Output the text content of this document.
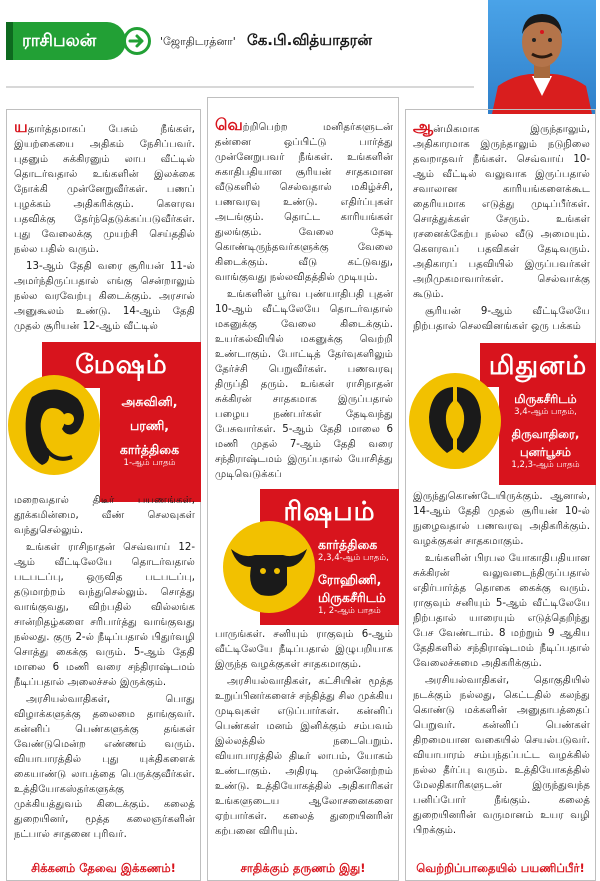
ராசிபலன்	'ஜோதிடரத்னா' கே.பி.வித்யாதரன்

யதார்த்தமாகப் பேசும் நீங்கள், இயற்கையை அதிகம் நேசிப்பவர். புதனும் சுக்கிரனும் லாப வீட்டில் தொடர்வதால் உங்களின் இலக்கை நோக்கி முன்னேறுவீர்கள். பணப் புழக்கம் அதிகரிக்கும். கௌரவ பதவிக்கு தேர்ந்தெடுக்கப்படுவீர்கள். புது வேலைக்கு முயற்சி செய்ததில் நல்ல பதில் வரும்.

13-ஆம் தேதி வரை சூரியன் 11-ல் அமர்ந்திருப்பதால் எங்கு சென்றாலும் நல்ல வரவேற்பு கிடைக்கும். அரசால் அனுகூலம் உண்டு. 14-ஆம் தேதி முதல் சூரியன் 12-ஆம் வீட்டில்

மேஷம்
அசுவினி,
பரணி,
கார்த்திகை
1-ஆம் பாதம்

மறைவதால் திடீர் பயணங்கள், தூக்கமின்மை, வீண் செலவுகள் வந்துசெல்லும்.

உங்கள் ராசிநாதன் செவ்வாய் 12-ஆம் வீட்டிலேயே தொடர்வதால் படபடப்பு, ஒருவித படபடப்பு, தடுமாற்றம் வந்துசெல்லும். சொத்து வாங்குவது, விற்பதில் வில்லங்க சான்றிதழ்களை சரிபார்த்து வாங்குவது நல்லது. குரு 2-ல் நீடிப்பதால் பிதுர்வழி சொத்து கைக்கு வரும். 5-ஆம் தேதி மாலை 6 மணி வரை சந்திராஷ்டமம் நீடிப்பதால் அலைச்சல் இருக்கும்.

அரசியல்வாதிகள், பொது விழாக்களுக்கு தலைமை தாங்குவர். கன்னிப் பெண்களுக்கு தங்கள் வேண்டுமென்ற எண்ணம் வரும். வியாபாரத்தில் புது யுக்திகளைக் கையாண்டு லாபத்தை பெருக்குவீர்கள். உத்தியோகஸ்தர்களுக்கு முக்கியத்துவம் கிடைக்கும். கலைத் துறையினர், மூத்த கலைஞர்களின் நட்பால் சாதனை புரிவர்.

சிக்கனம் தேவை இக்கணம்!

வெற்றிபெற்ற மனிதர்களுடன் தன்னை ஒப்பிட்டு பார்த்து முன்னேறுபவர் நீங்கள். உங்களின் சுகாதிபதியான சூரியன் சாதகமான வீடுகளில் செல்வதால் மகிழ்ச்சி, பணவரவு உண்டு. எதிர்ப்புகள் அடங்கும். தொட்ட காரியங்கள் துலங்கும். வேலை தேடி கொண்டிருந்தவர்களுக்கு வேலை கிடைக்கும். வீடு கட்டுவது, வாங்குவது நல்லவிதத்தில் முடியும்.

உங்களின் பூர்வ புண்யாதிபதி புதன் 10-ஆம் வீட்டிலேயே தொடர்வதால் மகனுக்கு வேலை கிடைக்கும். உயர்கல்வியில் மகனுக்கு வெற்றி உண்டாகும். போட்டித் தேர்வுகளிலும் தேர்ச்சி பெறுவீர்கள். பணவரவு திருப்தி தரும். உங்கள் ராசிநாதன் சுக்கிரன் சாதகமாக இருப்பதால் பழைய நண்பர்கள் தேடிவந்து பேசுவார்கள். 5-ஆம் தேதி மாலை 6 மணி முதல் 7-ஆம் தேதி வரை சந்திராஷ்டமம் இருப்பதால் யோசித்து முடிவெடுக்கப்

ரிஷபம்
கார்த்திகை
2,3,4-ஆம் பாதம்,
ரோஹிணி,
மிருகசீரிடம்
1, 2-ஆம் பாதம்

பாருங்கள். சனியும் ராகுவும் 6-ஆம் வீட்டிலேயே நீடிப்பதால் இழுபறியாக இருந்த வழக்குகள் சாதகமாகும்.

அரசியல்வாதிகள், கட்சியின் மூத்த உறுப்பினர்களைச் சந்தித்து சில முக்கிய முடிவுகள் எடுப்பார்கள். கன்னிப் பெண்கள் மனம் இனிக்கும் சம்பவம் இல்லத்தில் நடைபெறும். வியாபாரத்தில் திடீர் லாபம், யோகம் உண்டாகும். அதிரடி முன்னேற்றம் உண்டு. உத்தியோகத்தில் அதிகாரிகள் உங்களுடைய ஆலோசனைகளை ஏற்பார்கள். கலைத் துறையினரின் கற்பனை விரியும்.

சாதிக்கும் தருணம் இது!

ஆன்மிகமாக இருந்தாலும், அதிகாரமாக இருந்தாலும் நடுநிலை தவறாதவர் நீங்கள். செவ்வாய் 10-ஆம் வீட்டில் வலுவாக இருப்பதால் சவாலான காரியங்களைக்கூட தைரியமாக எடுத்து முடிப்பீர்கள். சொத்துக்கள் சேரும். உங்கள் ரசனைக்கேற்ப நல்ல வீடு அமையும். கௌரவப் பதவிகள் தேடிவரும். அதிகாரப் பதவியில் இருப்பவர்கள் அறிமுகமாவார்கள். செல்வாக்கு கூடும்.

சூரியன் 9-ஆம் வீட்டிலேயே நிற்பதால் செலவினங்கள் ஒரு பக்கம்

மிதுனம்
மிருகசீரிடம்
3,4-ஆம் பாதம்,
திருவாதிரை,
புனர்பூசம்
1,2,3-ஆம் பாதம்

இருந்துகொண்டேயிருக்கும். ஆனால், 14-ஆம் தேதி முதல் சூரியன் 10-ல் நுழைவதால் பணவரவு அதிகரிக்கும். வழக்குகள் சாதகமாகும்.

உங்களின் பிரபல யோகாதிபதியான சுக்கிரன் வலுவடைந்திருப்பதால் எதிர்பார்த்த தொகை கைக்கு வரும். ராகுவும் சனியும் 5-ஆம் வீட்டிலேயே நிற்பதால் யாரையும் எடுத்தெறிந்து பேச வேண்டாம். 8 மற்றும் 9 ஆகிய தேதிகளில் சந்திராஷ்டமம் நீடிப்பதால் வேலைச்சுமை அதிகரிக்கும்.

அரசியல்வாதிகள், தொகுதியில் நடக்கும் நல்லது, கெட்டதில் கலந்து கொண்டு மக்களின் அனுதாபத்தைப் பெறுவர். கன்னிப் பெண்கள் திறமையான வகையில் செயல்படுவர். வியாபாரம் சம்பந்தப்பட்ட வழக்கில் நல்ல தீர்ப்பு வரும். உத்தியோகத்தில் மேலதிகாரிகளுடன் இருந்துவந்த பனிப்போர் நீங்கும். கலைத் துறையினரின் வருமானம் உயர வழி பிறக்கும்.

வெற்றிப்பாதையில் பயணிப்பீர்!
